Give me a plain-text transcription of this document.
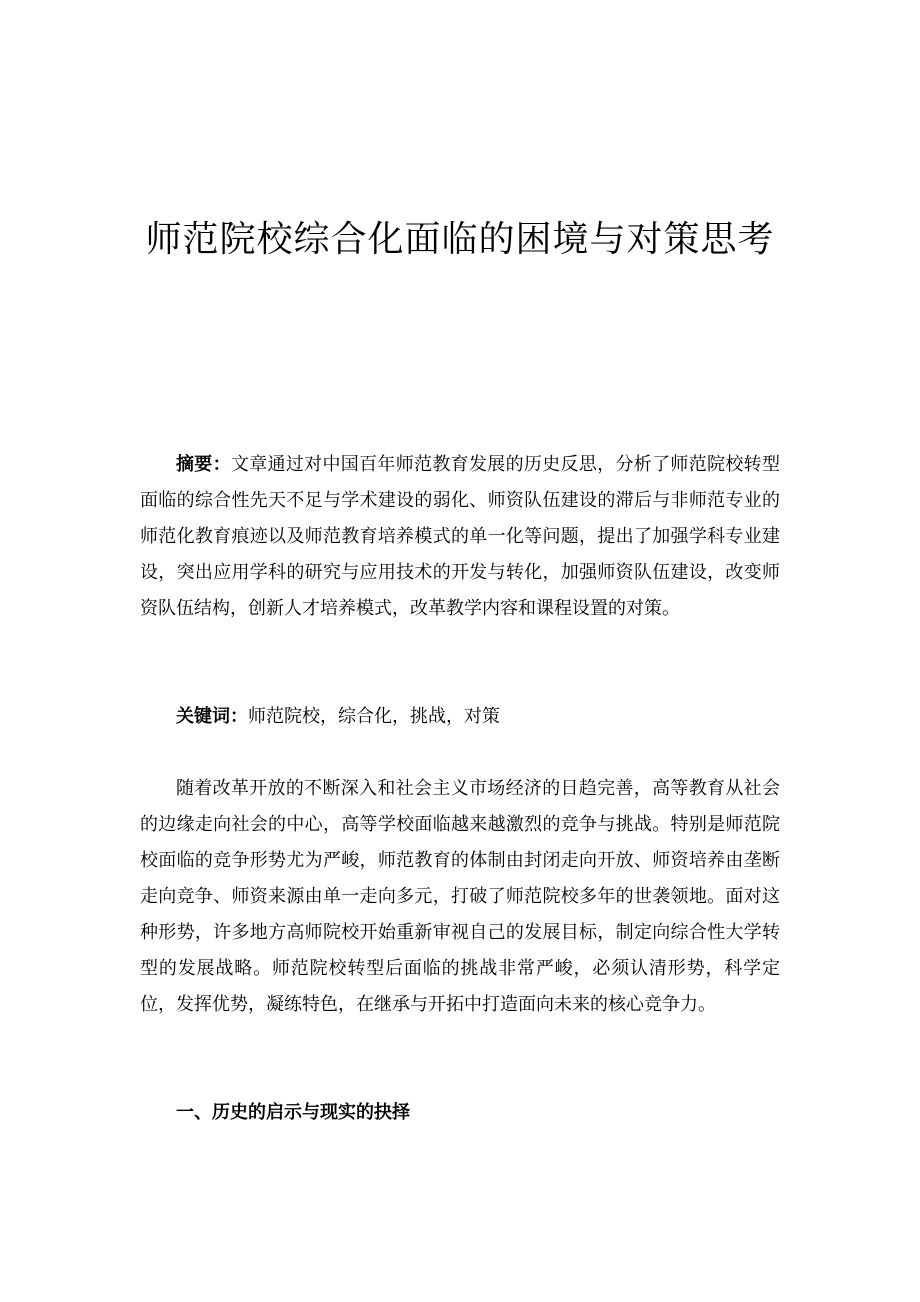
师范院校综合化面临的困境与对策思考

摘要：文章通过对中国百年师范教育发展的历史反思，分析了师范院校转型面临的综合性先天不足与学术建设的弱化、师资队伍建设的滞后与非师范专业的师范化教育痕迹以及师范教育培养模式的单一化等问题，提出了加强学科专业建设，突出应用学科的研究与应用技术的开发与转化，加强师资队伍建设，改变师资队伍结构，创新人才培养模式，改革教学内容和课程设置的对策。

关键词：师范院校，综合化，挑战，对策

随着改革开放的不断深入和社会主义市场经济的日趋完善，高等教育从社会的边缘走向社会的中心，高等学校面临越来越激烈的竞争与挑战。特别是师范院校面临的竞争形势尤为严峻，师范教育的体制由封闭走向开放、师资培养由垄断走向竞争、师资来源由单一走向多元，打破了师范院校多年的世袭领地。面对这种形势，许多地方高师院校开始重新审视自己的发展目标，制定向综合性大学转型的发展战略。师范院校转型后面临的挑战非常严峻，必须认清形势，科学定位，发挥优势，凝练特色，在继承与开拓中打造面向未来的核心竞争力。

一、历史的启示与现实的抉择
